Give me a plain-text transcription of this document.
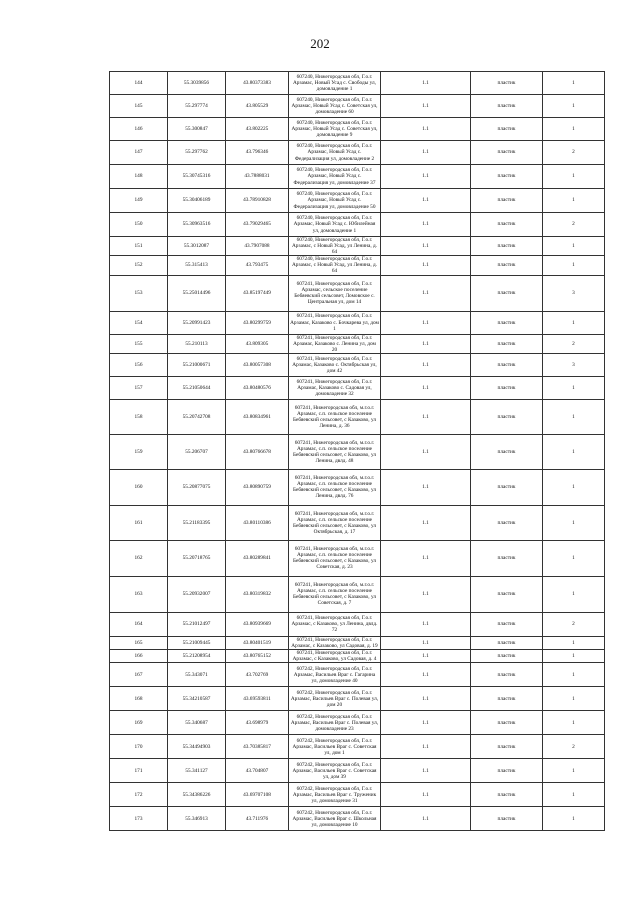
202
144	55.3039856	43.80373383	607240, Нижегородская обл, Г.о.г. Арзамас, Новый Усад с. Свободы ул, домовладение 1	1.1	пластик	1
145	55.297774	43.805529	607240, Нижегородская обл, Г.о.г. Арзамас, Новый Усад с. Советская ул, домовладение 60	1.1	пластик	1
146	55.300847	43.802225	607240, Нижегородская обл, Г.о.г. Арзамас, Новый Усад с. Советская ул, домовладение 9	1.1	пластик	1
147	55.297762	43.796346	607240, Нижегородская обл, Г.о.г. Арзамас, Новый Усад с. Федерализация ул, домовладение 2	1.1	пластик	2
148	55.30745316	43.7888031	607240, Нижегородская обл, Г.о.г. Арзамас, Новый Усад с. Федерализация ул, домовладение 37	1.1	пластик	1
149	55.30406189	43.78910828	607240, Нижегородская обл, Г.о.г. Арзамас, Новый Усад с. Федерализация ул, домовладение 50	1.1	пластик	1
150	55.30963516	43.79029465	607240, Нижегородская обл, Г.о.г. Арзамас, Новый Усад с. Юбилейная ул, домовладение 1	1.1	пластик	2
151	55.3012087	43.7907088	607240, Нижегородская обл, Г.о.г. Арзамас, с Новый Усад, ул Ленина, д. 64	1.1	пластик	1
152	55.315413	43.793475	607240, Нижегородская обл, Г.о.г. Арзамас, с Новый Усад, ул Ленина, д. 64	1.1	пластик	1
153	55.25014496	43.85197449	607241, Нижегородская обл, Г.о.г. Арзамас, сельское поселение Бебяевский сельсовет, Ломовское с. Центральная ул, дом 14	1.1	пластик	3
154	55.20991423	43.80299759	607241, Нижегородская обл, Г.о.г. Арзамас, Казаково с. Бочкарева ул, дом 1	1.1	пластик	1
155	55.210113	43.809305	607241, Нижегородская обл, Г.о.г. Арзамас, Казаково с. Ленина ул, дом 20	1.1	пластик	2
156	55.21000671	43.80057308	607241, Нижегородская обл, Г.о.г. Арзамас, Казаково с. Октябрьская ул, дом 42	1.1	пластик	3
157	55.21050644	43.80480576	607241, Нижегородская обл, Г.о.г. Арзамас, Казаково с. Садовая ул, домовладение 32	1.1	пластик	1
158	55.20742708	43.80834961	607241, Нижегородская обл, м.г.о.г. Арзамас, с.п. сельское поселение Бебяевский сельсовет, с Казаково, ул Ленина, д. 36	1.1	пластик	1
159	55.206707	43.80766678	607241, Нижегородская обл, м.г.о.г. Арзамас, с.п. сельское поселение Бебяевский сельсовет, с Казаково, ул Ленина, двлд. 48	1.1	пластик	1
160	55.20877075	43.80890759	607241, Нижегородская обл, м.г.о.г. Арзамас, с.п. сельское поселение Бебяевский сельсовет, с Казаково, ул Ленина, двлд. 76	1.1	пластик	1
161	55.21183395	43.80110386	607241, Нижегородская обл, м.г.о.г. Арзамас, с.п. сельское поселение Бебяевский сельсовет, с Казаково, ул Октябрьская, д. 17	1.1	пластик	1
162	55.20718765	43.80289841	607241, Нижегородская обл, м.г.о.г. Арзамас, с.п. сельское поселение Бебяевский сельсовет, с Казаково, ул Советская, д. 23	1.1	пластик	1
163	55.20932007	43.80319832	607241, Нижегородская обл, м.г.о.г. Арзамас, с.п. сельское поселение Бебяевский сельсовет, с Казаково, ул Советская, д. 7	1.1	пластик	1
164	55.21012497	43.80939669	607241, Нижегородская обл, Г.о.г. Арзамас, с Казаково, ул Ленина, двлд. 72	1.1	пластик	2
165	55.21009445	43.80401519	607241, Нижегородская обл, Г.о.г. Арзамас, с Казаково, ул Садовая, д. 19	1.1	пластик	1
166	55.21208954	43.80765152	607241, Нижегородская обл, Г.о.г. Арзамас, с Казаково, ул Садовая, д. 4	1.1	пластик	1
167	55.343071	43.702769	607242, Нижегородская обл, Г.о.г. Арзамас, Васильев Враг с. Гагарина ул, домовладение 40	1.1	пластик	1
168	55.34210587	43.69593811	607242, Нижегородская обл, Г.о.г. Арзамас, Васильев Враг с. Полевая ул, дом 20	1.1	пластик	1
169	55.340687	43.698979	607242, Нижегородская обл, Г.о.г. Арзамас, Васильев Враг с. Полевая ул, домовладение 23	1.1	пластик	1
170	55.34494903	43.70385817	607242, Нижегородская обл, Г.о.г. Арзамас, Васильев Враг с. Советская ул, дом 1	1.1	пластик	2
171	55.341127	43.704807	607242, Нижегородская обл, Г.о.г. Арзамас, Васильев Враг с. Советская ул, дом 39	1.1	пластик	1
172	55.34386226	43.69707108	607242, Нижегородская обл, Г.о.г. Арзамас, Васильев Враг с. Труженик ул, домовладение 31	1.1	пластик	1
173	55.346913	43.711976	607242, Нижегородская обл, Г.о.г. Арзамас, Васильев Враг с. Школьная ул, домовладение 10	1.1	пластик	1
